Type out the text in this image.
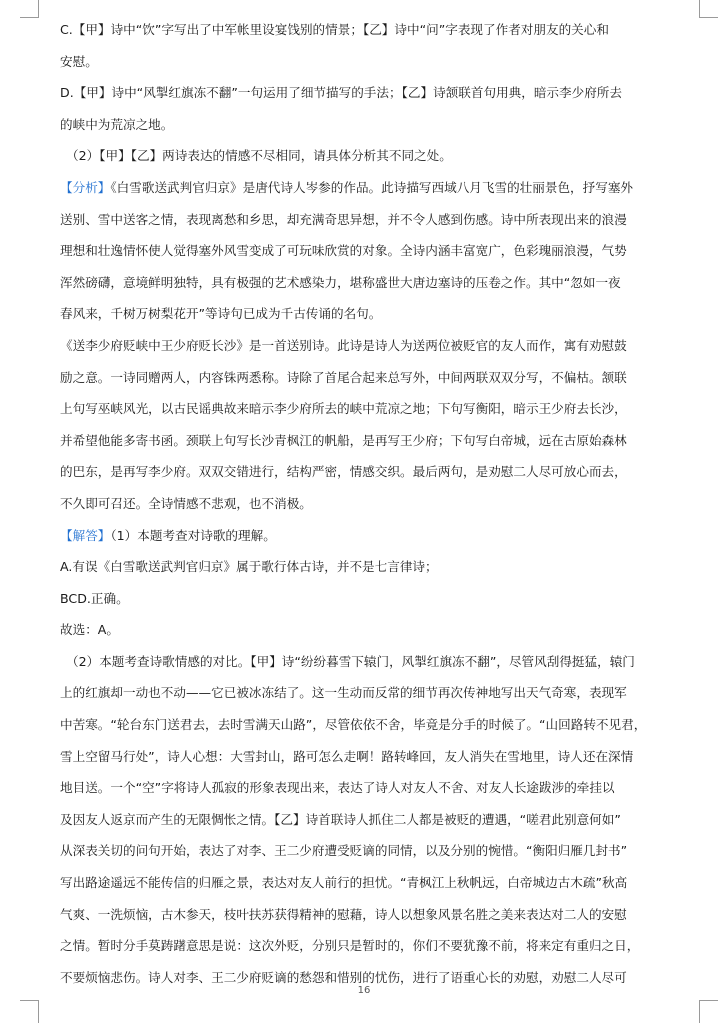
C.【甲】诗中“饮”字写出了中军帐里设宴饯别的情景；【乙】诗中“问”字表现了作者对朋友的关心和
安慰。
D.【甲】诗中“风掣红旗冻不翻”一句运用了细节描写的手法；【乙】诗颔联首句用典，暗示李少府所去
的峡中为荒凉之地。
（2）【甲】【乙】两诗表达的情感不尽相同，请具体分析其不同之处。
【分析】《白雪歌送武判官归京》是唐代诗人岑参的作品。此诗描写西域八月飞雪的壮丽景色，抒写塞外
送别、雪中送客之情，表现离愁和乡思，却充满奇思异想，并不令人感到伤感。诗中所表现出来的浪漫
理想和壮逸情怀使人觉得塞外风雪变成了可玩味欣赏的对象。全诗内涵丰富宽广，色彩瑰丽浪漫，气势
浑然磅礴，意境鲜明独特，具有极强的艺术感染力，堪称盛世大唐边塞诗的压卷之作。其中“忽如一夜
春风来，千树万树梨花开”等诗句已成为千古传诵的名句。
《送李少府贬峡中王少府贬长沙》是一首送别诗。此诗是诗人为送两位被贬官的友人而作，寓有劝慰鼓
励之意。一诗同赠两人，内容铢两悉称。诗除了首尾合起来总写外，中间两联双双分写，不偏枯。颔联
上句写巫峡风光，以古民谣典故来暗示李少府所去的峡中荒凉之地；下句写衡阳，暗示王少府去长沙，
并希望他能多寄书函。颈联上句写长沙青枫江的帆船，是再写王少府；下句写白帝城，远在古原始森林
的巴东，是再写李少府。双双交错进行，结构严密，情感交织。最后两句，是劝慰二人尽可放心而去，
不久即可召还。全诗情感不悲观，也不消极。
【解答】（1）本题考查对诗歌的理解。
A.有误《白雪歌送武判官归京》属于歌行体古诗，并不是七言律诗；
BCD.正确。
故选：A。
（2）本题考查诗歌情感的对比。【甲】诗“纷纷暮雪下辕门，风掣红旗冻不翻”，尽管风刮得挺猛，辕门
上的红旗却一动也不动——它已被冰冻结了。这一生动而反常的细节再次传神地写出天气奇寒，表现军
中苦寒。“轮台东门送君去，去时雪满天山路”，尽管依依不舍，毕竟是分手的时候了。“山回路转不见君，
雪上空留马行处”，诗人心想：大雪封山，路可怎么走啊！路转峰回，友人消失在雪地里，诗人还在深情
地目送。一个“空”字将诗人孤寂的形象表现出来，表达了诗人对友人不舍、对友人长途跋涉的牵挂以
及因友人返京而产生的无限惆怅之情。【乙】诗首联诗人抓住二人都是被贬的遭遇，“嗟君此别意何如”
从深表关切的问句开始，表达了对李、王二少府遭受贬谪的同情，以及分别的惋惜。“衡阳归雁几封书”
写出路途遥远不能传信的归雁之景，表达对友人前行的担忧。“青枫江上秋帆远，白帝城边古木疏”秋高
气爽、一洗烦恼，古木参天，枝叶扶苏获得精神的慰藉，诗人以想象风景名胜之美来表达对二人的安慰
之情。暂时分手莫踌躇意思是说：这次外贬，分别只是暂时的，你们不要犹豫不前，将来定有重归之日，
不要烦恼悲伤。诗人对李、王二少府贬谪的愁怨和惜别的忧伤，进行了语重心长的劝慰，劝慰二人尽可
16
